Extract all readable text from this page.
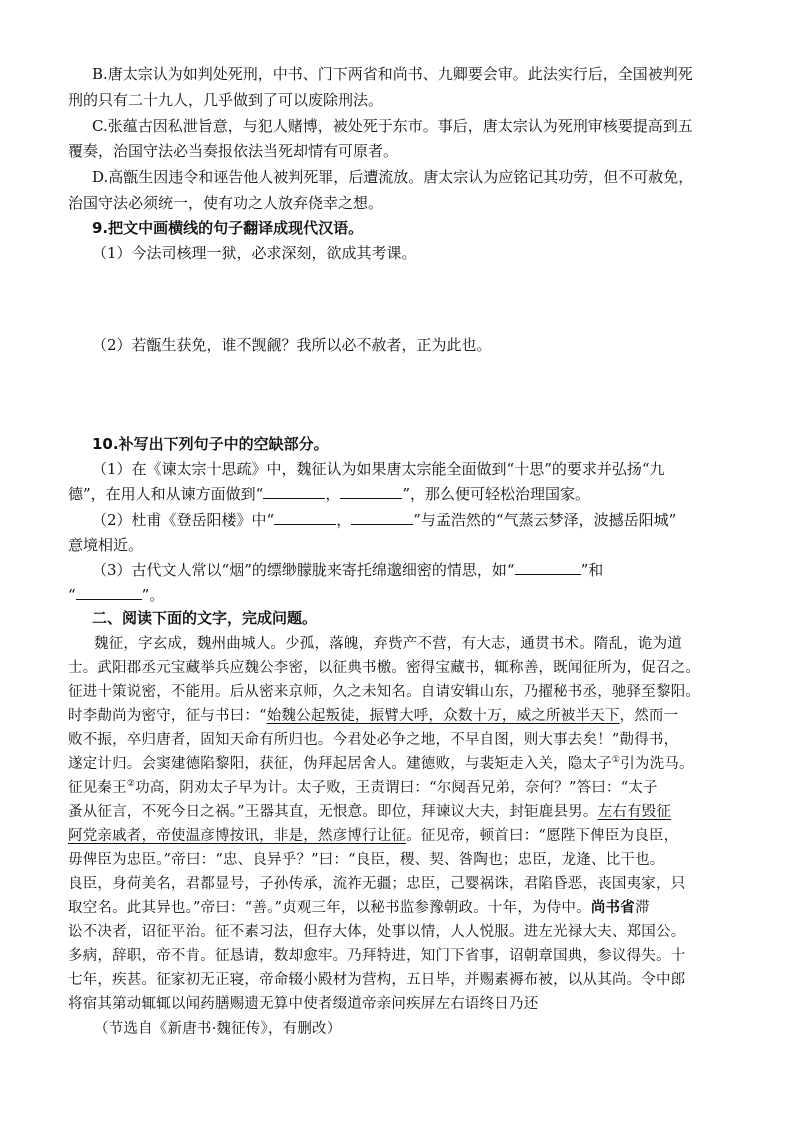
B.唐太宗认为如判处死刑，中书、门下两省和尚书、九卿要会审。此法实行后，全国被判死
刑的只有二十九人，几乎做到了可以废除刑法。
C.张蕴古因私泄旨意，与犯人赌博，被处死于东市。事后，唐太宗认为死刑审核要提高到五
覆奏，治国守法必当奏报依法当死却情有可原者。
D.高甑生因违令和诬告他人被判死罪，后遭流放。唐太宗认为应铭记其功劳，但不可赦免，
治国守法必须统一，使有功之人放弃侥幸之想。
9.把文中画横线的句子翻译成现代汉语。
（1）今法司核理一狱，必求深刻，欲成其考课。
（2）若甑生获免，谁不觊觎？我所以必不赦者，正为此也。
10.补写出下列句子中的空缺部分。
（1）在《谏太宗十思疏》中，魏征认为如果唐太宗能全面做到“十思”的要求并弘扬“九
德”，在用人和从谏方面做到“	，	”，那么便可轻松治理国家。
（2）杜甫《登岳阳楼》中“	，	”与孟浩然的“气蒸云梦泽，波撼岳阳城”
意境相近。
（3）古代文人常以“烟”的缥缈朦胧来寄托绵邈细密的情思，如“	”和
“	”。
二、阅读下面的文字，完成问题。
魏征，字玄成，魏州曲城人。少孤，落魄，弃赀产不营，有大志，通贯书术。隋乱，诡为道
士。武阳郡丞元宝藏举兵应魏公李密，以征典书檄。密得宝藏书，辄称善，既闻征所为，促召之。
征进十策说密，不能用。后从密来京师，久之未知名。自请安辑山东，乃擢秘书丞，驰驿至黎阳。
时李勣尚为密守，征与书曰：“始魏公起叛徒，振臂大呼，众数十万，威之所被半天下，然而一
败不振，卒归唐者，固知天命有所归也。今君处必争之地，不早自图，则大事去矣！”勣得书，
遂定计归。会窦建德陷黎阳，获征，伪拜起居舍人。建德败，与裴矩走入关，隐太子①引为洗马。
征见秦王②功高，阴劝太子早为计。太子败，王责谓曰：“尔阋吾兄弟，奈何？”答曰：“太子
蚤从征言，不死今日之祸。”王器其直，无恨意。即位，拜谏议大夫，封钜鹿县男。左右有毁征
阿党亲戚者，帝使温彦博按讯，非是，然彦博行让征。征见帝，顿首曰：“愿陛下俾臣为良臣，
毋俾臣为忠臣。”帝曰：“忠、良异乎？”曰：“良臣，稷、契、咎陶也；忠臣，龙逄、比干也。
良臣，身荷美名，君都显号，子孙传承，流祚无疆；忠臣，己婴祸诛，君陷昏恶，丧国夷家，只
取空名。此其异也。”帝曰：“善。”贞观三年，以秘书监参豫朝政。十年，为侍中。尚书省滞
讼不决者，诏征平治。征不素习法，但存大体，处事以情，人人悦服。进左光禄大夫、郑国公。
多病，辞职，帝不肯。征恳请，数却愈牢。乃拜特进，知门下省事，诏朝章国典，参议得失。十
七年，疾甚。征家初无正寝，帝命辍小殿材为营构，五日毕，并赐素褥布被，以从其尚。令中郎
将宿其第动辄辄以闻药膳赐遗无算中使者缀道帝亲问疾屏左右语终日乃还
（节选自《新唐书·魏征传》，有删改）
